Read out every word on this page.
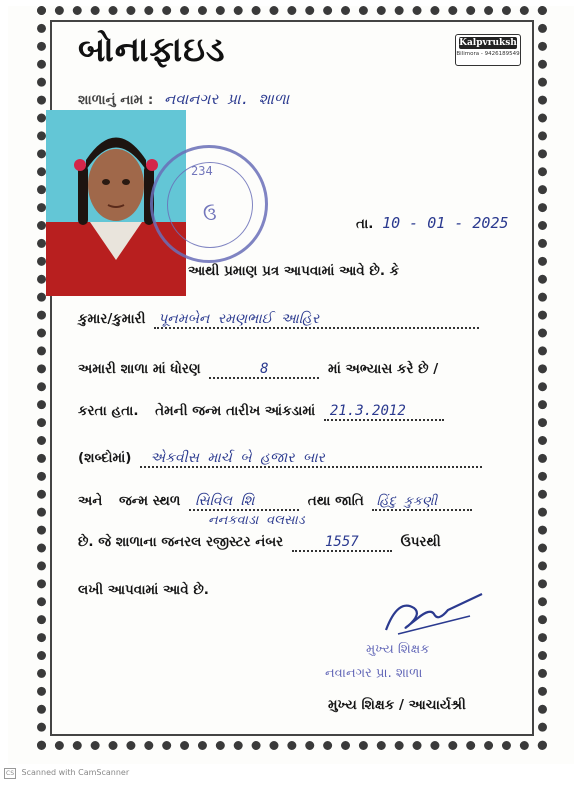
બોનાફાઇડ	Kalpvruksh
Bilimora - 9426189549
શાળાનું નામ : નવાનગર પ્રા. શાળા
234
ઉ	તા. 10 - 01 - 2025
આથી પ્રમાણ પ્રત્ર આપવામાં આવે છે. કે
કુમાર/કુમારી પૂનમબેન રમણભાઈ આહિર
અમારી શાળા માં ધોરણ	8	માં અભ્યાસ કરે છે /
કરતા હતા. તેમની જન્મ તારીખ આંકડામાં 21.3.2012
(શબ્દોમાં) એકવીસ માર્ચ બે હજાર બાર
અને જન્મ સ્થળ સિવિલ શિ	તથા જાતિ હિંદુ કુકણી
નનકવાડા વલસાડ
છે. જે શાળાના જનરલ રજીસ્ટર નંબર	1557	ઉપરથી
લખી આપવામાં આવે છે.
મુખ્ય શિક્ષક
નવાનગર પ્રા. શાળા
મુખ્ય શિક્ષક / આચાર્યશ્રી
CS Scanned with CamScanner
